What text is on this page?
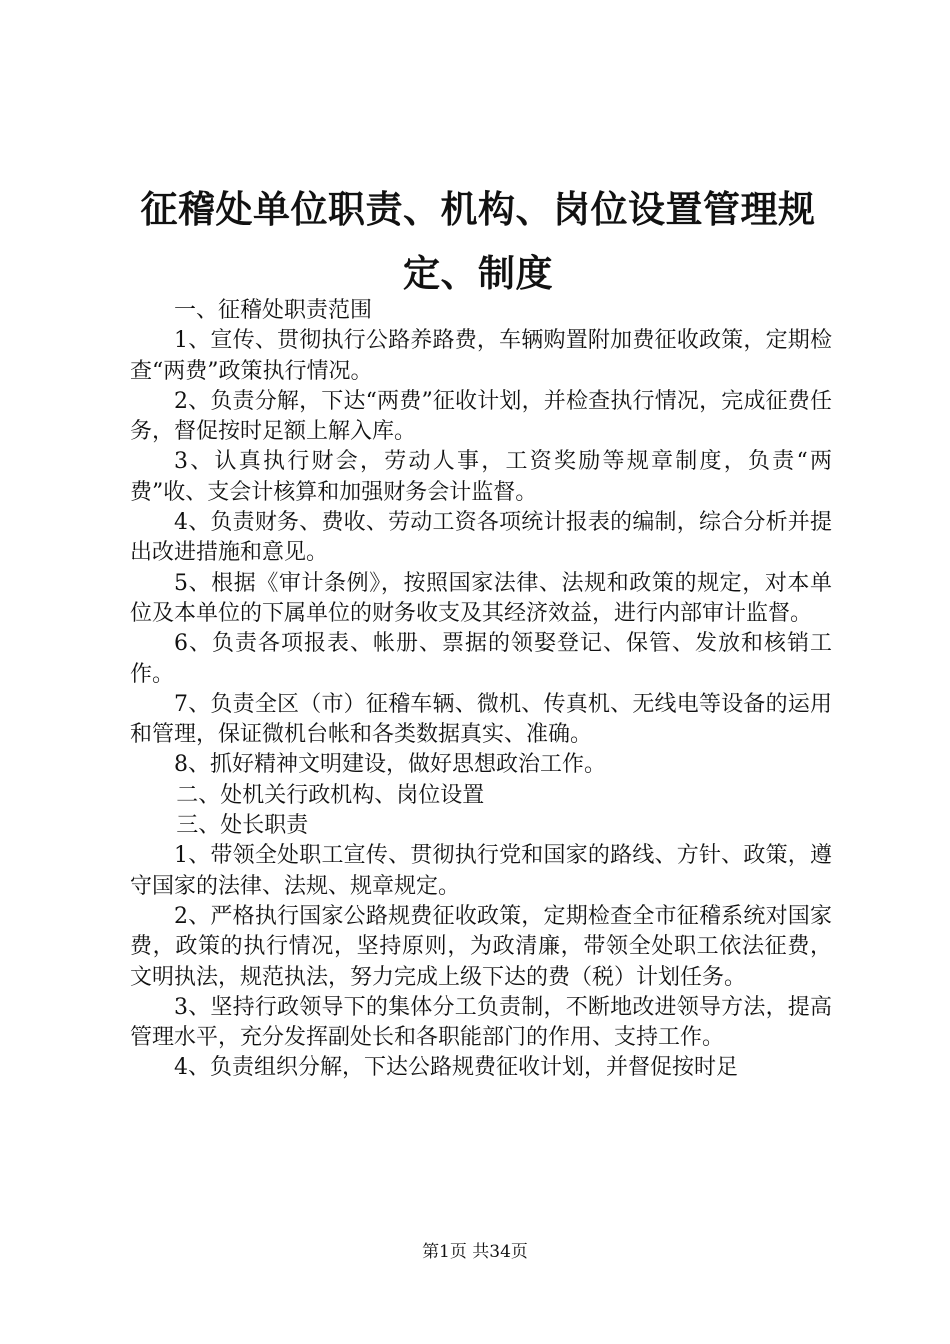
征稽处单位职责、机构、岗位设置管理规定、制度

一、征稽处职责范围

1、宣传、贯彻执行公路养路费，车辆购置附加费征收政策，定期检查“两费”政策执行情况。

2、负责分解，下达“两费”征收计划，并检查执行情况，完成征费任务，督促按时足额上解入库。

3、认真执行财会，劳动人事，工资奖励等规章制度，负责“两费”收、支会计核算和加强财务会计监督。

4、负责财务、费收、劳动工资各项统计报表的编制，综合分析并提出改进措施和意见。

5、根据《审计条例》，按照国家法律、法规和政策的规定，对本单位及本单位的下属单位的财务收支及其经济效益，进行内部审计监督。

6、负责各项报表、帐册、票据的领娶登记、保管、发放和核销工作。

7、负责全区（市）征稽车辆、微机、传真机、无线电等设备的运用和管理，保证微机台帐和各类数据真实、准确。

8、抓好精神文明建设，做好思想政治工作。

二、处机关行政机构、岗位设置

三、处长职责

1、带领全处职工宣传、贯彻执行党和国家的路线、方针、政策，遵守国家的法律、法规、规章规定。

2、严格执行国家公路规费征收政策，定期检查全市征稽系统对国家费，政策的执行情况，坚持原则，为政清廉，带领全处职工依法征费，文明执法，规范执法，努力完成上级下达的费（税）计划任务。

3、坚持行政领导下的集体分工负责制，不断地改进领导方法，提高管理水平，充分发挥副处长和各职能部门的作用、支持工作。

4、负责组织分解，下达公路规费征收计划，并督促按时足

第1页 共34页
